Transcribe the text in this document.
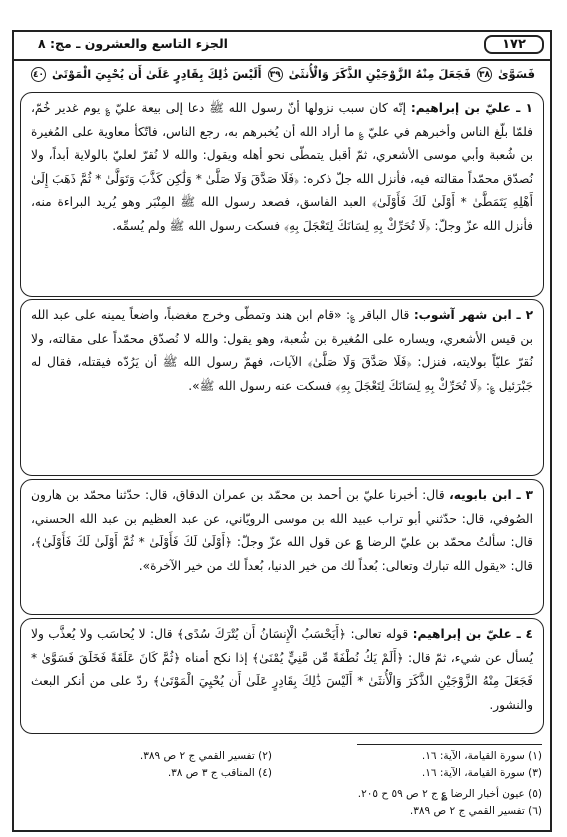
١٧٢
الجزء التاسع والعشرون ـ مج: ٨
فَسَوَّىٰ ٣٨ فَجَعَلَ مِنْهُ الزَّوْجَيْنِ الذَّكَرَ وَالْأُنثَىٰ ٣٩ أَلَيْسَ ذَٰلِكَ بِقَادِرٍ عَلَىٰ أَن يُحْيِيَ الْمَوْتَىٰ ٤٠

١ ـ عليّ بن إبراهيم: إنّه كان سبب نزولها أنّ رسول الله ﷺ دعا إلى بيعة عليّ ؏ يوم غدير خُمّ، فلمّا بلّغ الناس وأخبرهم في عليّ ؏ ما أراد الله أن يُخبرهم به، رجع الناس، فاتّكأ معاوية على المُغيرة بن شُعبة وأبي موسى الأشعري، ثمّ أقبل يتمطّى نحو أهله ويقول: والله لا نُقرّ لعليّ بالولاية أبداً، ولا نُصدّق محمّداً مقالته فيه، فأنزل الله جلّ ذكره: ﴿فَلَا صَدَّقَ وَلَا صَلَّىٰ * وَلَٰكِن كَذَّبَ وَتَوَلَّىٰ * ثُمَّ ذَهَبَ إِلَىٰ أَهْلِهِ يَتَمَطَّىٰ * أَوْلَىٰ لَكَ فَأَوْلَىٰ﴾ العبد الفاسق، فصعد رسول الله ﷺ المِنْبَر وهو يُريد البراءة منه، فأنزل الله عزّ وجلّ: ﴿لَا تُحَرِّكْ بِهِ لِسَانَكَ لِتَعْجَلَ بِهِ﴾ فسكت رسول الله ﷺ ولم يُسمِّه.

٢ ـ ابن شهر آشوب: قال الباقر ؏: «قام ابن هند وتمطّى وخرج مغضباً، واضعاً يمينه على عبد الله بن قيس الأشعري، ويساره على المُغيرة بن شُعبة، وهو يقول: والله لا نُصدّق محمّداً على مقالته، ولا نُقرّ عليّاً بولايته، فنزل: ﴿فَلَا صَدَّقَ وَلَا صَلَّىٰ﴾ الآيات، فهمّ رسول الله ﷺ أن يَرُدّه فيقتله، فقال له جَبْرَئيل ؏: ﴿لَا تُحَرِّكْ بِهِ لِسَانَكَ لِتَعْجَلَ بِهِ﴾ فسكت عنه رسول الله ﷺ».

٣ ـ ابن بابويه، قال: أخبرنا عليّ بن أحمد بن محمّد بن عمران الدقاق، قال: حدّثنا محمّد بن هارون الصُوفي، قال: حدّثني أبو تراب عبيد الله بن موسى الرويّاني، عن عبد العظيم بن عبد الله الحسني، قال: سألتُ محمّد بن عليّ الرضا ؏ عن قول الله عزّ وجلّ: ﴿أَوْلَىٰ لَكَ فَأَوْلَىٰ * ثُمَّ أَوْلَىٰ لَكَ فَأَوْلَىٰ﴾، قال: «يقول الله تبارك وتعالى: بُعداً لك من خير الدنيا، بُعداً لك من خير الآخرة».

٤ ـ عليّ بن إبراهيم: قوله تعالى: ﴿أَيَحْسَبُ الْإِنسَانُ أَن يُتْرَكَ سُدًى﴾ قال: لا يُحاسَب ولا يُعذَّب ولا يُسأل عن شيء، ثمّ قال: ﴿أَلَمْ يَكُ نُطْفَةً مِّن مَّنِيٍّ يُمْنَىٰ﴾ إذا نكح أمناه ﴿ثُمَّ كَانَ عَلَقَةً فَخَلَقَ فَسَوَّىٰ * فَجَعَلَ مِنْهُ الزَّوْجَيْنِ الذَّكَرَ وَالْأُنثَىٰ * أَلَيْسَ ذَٰلِكَ بِقَادِرٍ عَلَىٰ أَن يُحْيِيَ الْمَوْتَىٰ﴾ ردّ على من أنكر البعث والنشور.

(١) سورة القيامة، الآية: ١٦.
(٢) تفسير القمي ج ٢ ص ٣٨٩.
(٣) سورة القيامة، الآية: ١٦.
(٤) المناقب ج ٣ ص ٣٨.
(٥) عيون أخبار الرضا ؏ ج ٢ ص ٥٩ ح ٢٠٥.
(٦) تفسير القمي ج ٢ ص ٣٨٩.
